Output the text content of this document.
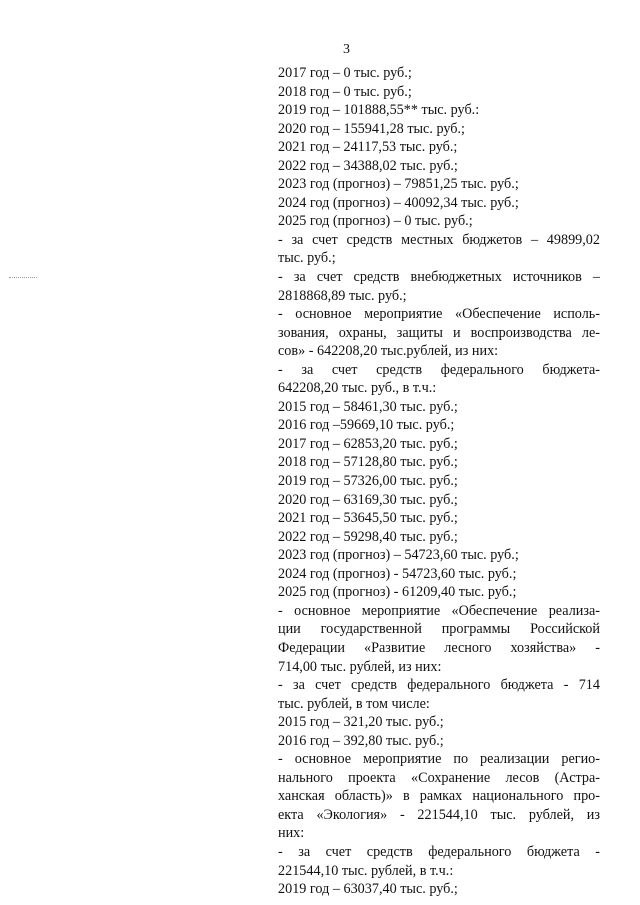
3
2017 год – 0 тыс. руб.;
2018 год – 0 тыс. руб.;
2019 год – 101888,55** тыс. руб.:
2020 год – 155941,28 тыс. руб.;
2021 год – 24117,53 тыс. руб.;
2022 год – 34388,02 тыс. руб.;
2023 год (прогноз) – 79851,25 тыс. руб.;
2024 год (прогноз) – 40092,34 тыс. руб.;
2025 год (прогноз) – 0 тыс. руб.;
- за счет средств местных бюджетов – 49899,02
тыс. руб.;
- за счет средств внебюджетных источников –
2818868,89 тыс. руб.;
- основное мероприятие «Обеспечение исполь-
зования, охраны, защиты и воспроизводства ле-
сов» - 642208,20 тыс.рублей, из них:
- за счет средств федерального бюджета-
642208,20 тыс. руб., в т.ч.:
2015 год – 58461,30 тыс. руб.;
2016 год –59669,10 тыс. руб.;
2017 год – 62853,20 тыс. руб.;
2018 год – 57128,80 тыс. руб.;
2019 год – 57326,00 тыс. руб.;
2020 год – 63169,30 тыс. руб.;
2021 год – 53645,50 тыс. руб.;
2022 год – 59298,40 тыс. руб.;
2023 год (прогноз) – 54723,60 тыс. руб.;
2024 год (прогноз) - 54723,60 тыс. руб.;
2025 год (прогноз) - 61209,40 тыс. руб.;
- основное мероприятие «Обеспечение реализа-
ции государственной программы Российской
Федерации «Развитие лесного хозяйства» -
714,00 тыс. рублей, из них:
- за счет средств федерального бюджета - 714
тыс. рублей, в том числе:
2015 год – 321,20 тыс. руб.;
2016 год – 392,80 тыс. руб.;
- основное мероприятие по реализации регио-
нального проекта «Сохранение лесов (Астра-
ханская область)» в рамках национального про-
екта «Экология» - 221544,10 тыс. рублей, из
них:
- за счет средств федерального бюджета -
221544,10 тыс. рублей, в т.ч.:
2019 год – 63037,40 тыс. руб.;
